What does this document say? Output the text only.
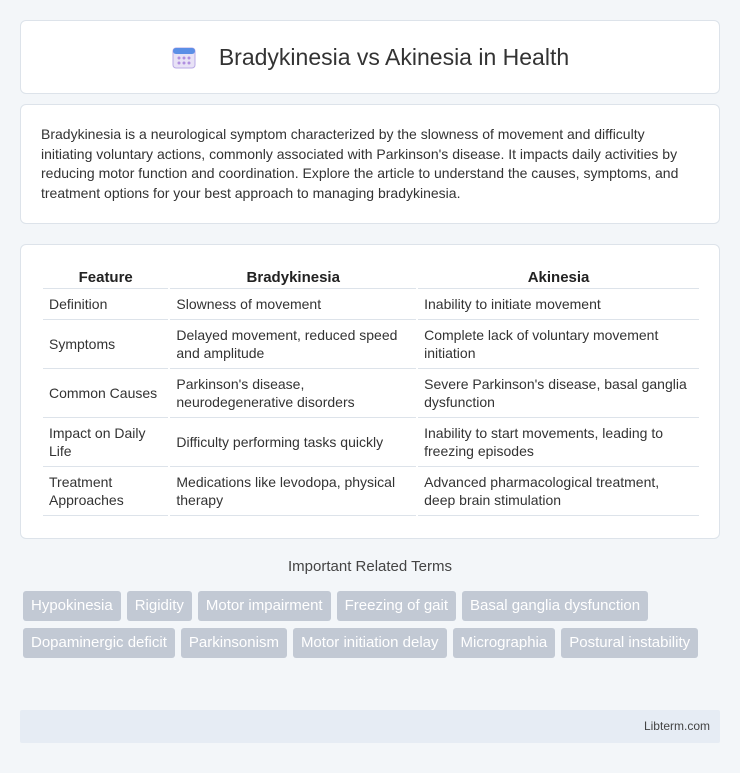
Bradykinesia vs Akinesia in Health

Bradykinesia is a neurological symptom characterized by the slowness of movement and difficulty initiating voluntary actions, commonly associated with Parkinson's disease. It impacts daily activities by reducing motor function and coordination. Explore the article to understand the causes, symptoms, and treatment options for your best approach to managing bradykinesia.

Feature	Bradykinesia	Akinesia
Definition	Slowness of movement	Inability to initiate movement
Symptoms	Delayed movement, reduced speed and amplitude	Complete lack of voluntary movement initiation
Common Causes	Parkinson's disease, neurodegenerative disorders	Severe Parkinson's disease, basal ganglia dysfunction
Impact on Daily Life	Difficulty performing tasks quickly	Inability to start movements, leading to freezing episodes
Treatment Approaches	Medications like levodopa, physical therapy	Advanced pharmacological treatment, deep brain stimulation
Important Related Terms
Hypokinesia	Rigidity	Motor impairment	Freezing of gait	Basal ganglia dysfunction
Dopaminergic deficit	Parkinsonism	Motor initiation delay	Micrographia	Postural instability
Libterm.com
